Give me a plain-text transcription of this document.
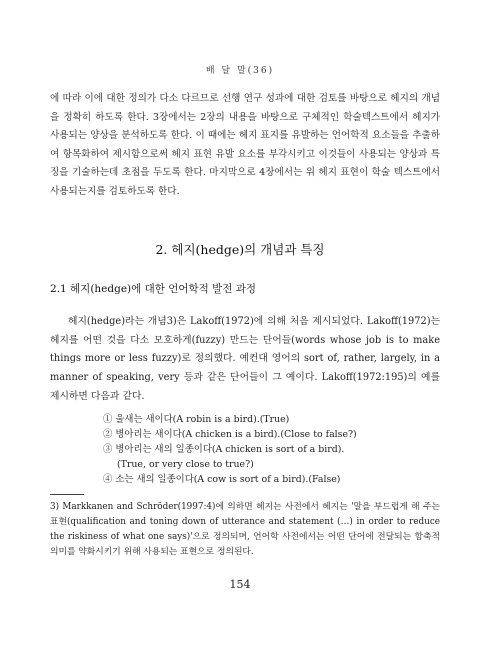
배 달 말(36)

에 따라 이에 대한 정의가 다소 다르므로 선행 연구 성과에 대한 검토를 바탕으로 헤지의 개념을 정확히 하도록 한다. 3장에서는 2장의 내용을 바탕으로 구체적인 학술텍스트에서 헤지가 사용되는 양상을 분석하도록 한다. 이 때에는 헤지 표지를 유발하는 언어학적 요소들을 추출하여 항목화하여 제시함으로써 헤지 표현 유발 요소를 부각시키고 이것들이 사용되는 양상과 특징을 기술하는데 초점을 두도록 한다. 마지막으로 4장에서는 위 헤지 표현이 학술 텍스트에서 사용되는지를 검토하도록 한다.

2. 헤지(hedge)의 개념과 특징
2.1 헤지(hedge)에 대한 언어학적 발전 과정

헤지(hedge)라는 개념3)은 Lakoff(1972)에 의해 처음 제시되었다. Lakoff(1972)는 헤지를 어떤 것을 다소 모호하게(fuzzy) 만드는 단어들(words whose job is to make things more or less fuzzy)로 정의했다. 예컨대 영어의 sort of, rather, largely, in a manner of speaking, very 등과 같은 단어들이 그 예이다. Lakoff(1972:195)의 예를 제시하면 다음과 같다.

① 울새는 새이다(A robin is a bird).(True)
② 병아리는 새이다(A chicken is a bird).(Close to false?)
③ 병아리는 새의 일종이다(A chicken is sort of a bird).
(True, or very close to true?)
④ 소는 새의 일종이다(A cow is sort of a bird).(False)

3) Markkanen and Schröder(1997:4)에 의하면 헤지는 사전에서 헤지는 '말을 부드럽게 해 주는 표현(qualification and toning down of utterance and statement (…) in order to reduce the riskiness of what one says)'으로 정의되며, 언어학 사전에서는 어떤 단어에 전달되는 함축적 의미를 약화시키기 위해 사용되는 표현으로 정의된다.

154
